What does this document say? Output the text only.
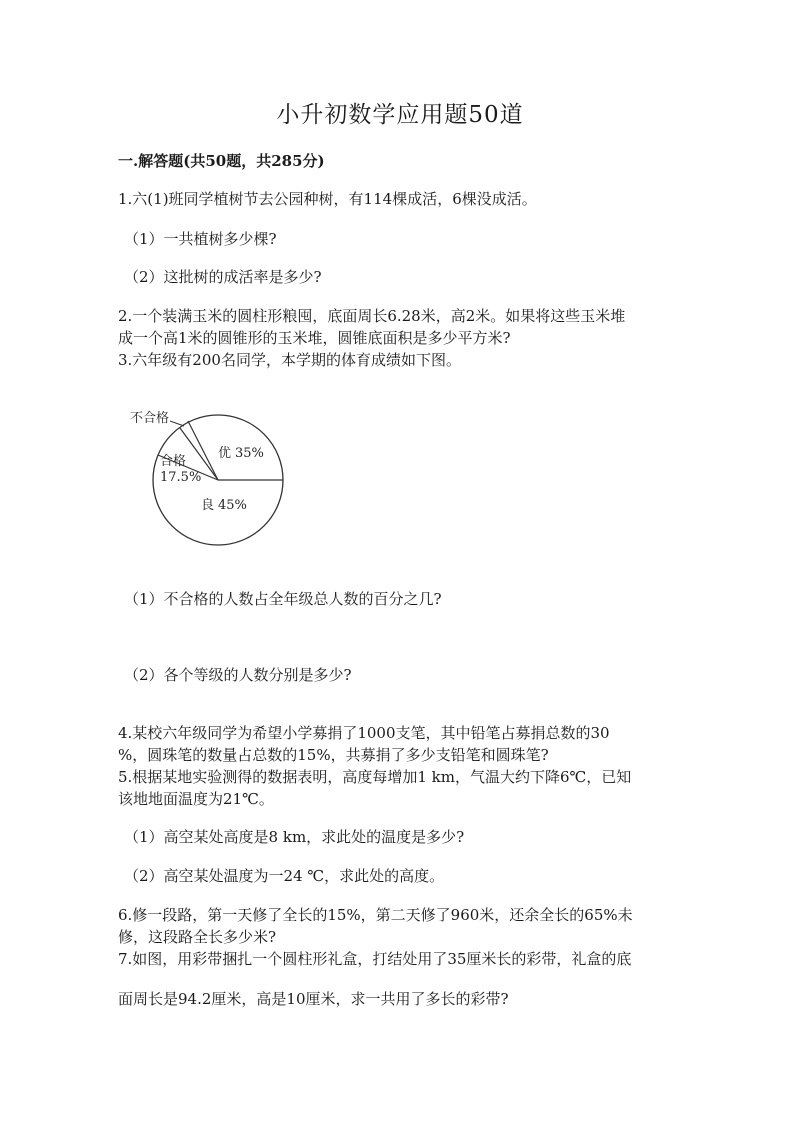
小升初数学应用题50道
一.解答题(共50题，共285分)
1.六(1)班同学植树节去公园种树，有114棵成活，6棵没成活。
（1）一共植树多少棵?
（2）这批树的成活率是多少?
2.一个装满玉米的圆柱形粮囤，底面周长6.28米，高2米。如果将这些玉米堆
成一个高1米的圆锥形的玉米堆，圆锥底面积是多少平方米?
3.六年级有200名同学，本学期的体育成绩如下图。
不合格
优 35%
合格
17.5%
良 45%
（1）不合格的人数占全年级总人数的百分之几?
（2）各个等级的人数分别是多少?
4.某校六年级同学为希望小学募捐了1000支笔，其中铅笔占募捐总数的30
%，圆珠笔的数量占总数的15%，共募捐了多少支铅笔和圆珠笔?
5.根据某地实验测得的数据表明，高度每增加1 km，气温大约下降6℃，已知
该地地面温度为21℃。
（1）高空某处高度是8 km，求此处的温度是多少?
（2）高空某处温度为一24 ℃，求此处的高度。
6.修一段路，第一天修了全长的15%，第二天修了960米，还余全长的65%未
修，这段路全长多少米?
7.如图，用彩带捆扎一个圆柱形礼盒，打结处用了35厘米长的彩带，礼盒的底
面周长是94.2厘米，高是10厘米，求一共用了多长的彩带?
